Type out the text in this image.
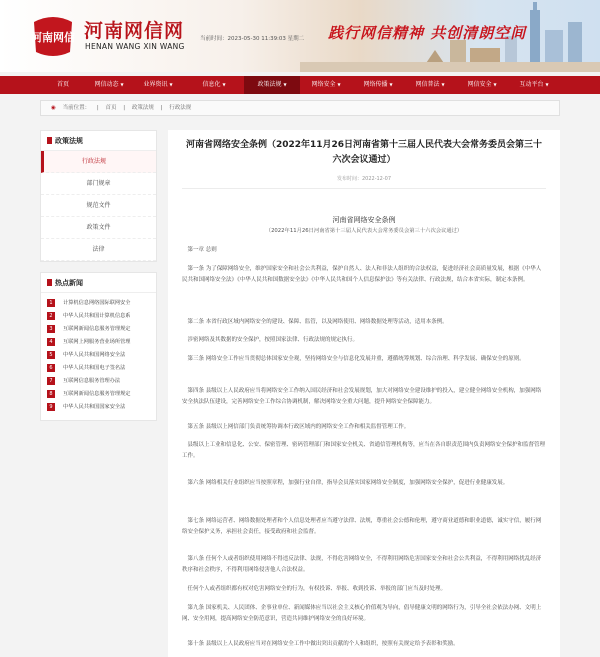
河南网信 河南网信网
HENAN WANG XIN WANG
当前时间：2023-05-30 11:39:03 星期二 践行网信精神 共创清朗空间
首页	网信动态 ▼	业界资讯 ▼	信息化 ▼	政策法规 ▼	网络安全 ▼	网络传播 ▼	网信普法 ▼	网信安全 ▼	互动平台 ▼
◉ 当前位置： | 首页 | 政策法规 | 行政法规
政策法规
行政法规
部门规章
规范文件
政策文件
法律
热点新闻
1 计算机信息网络国际联网安全
2 中华人民共和国计算机信息系
3 互联网新闻信息服务管理规定
4 互联网上网服务营业场所管理
5 中华人民共和国网络安全法
6 中华人民共和国电子签名法
7 互联网信息服务管理办法
8 互联网新闻信息服务管理规定
9 中华人民共和国国家安全法
河南省网络安全条例（2022年11月26日河南省第十三届人民代表大会常务委员会第三十六次会议通过）
发布时间：2022-12-07
河南省网络安全条例
（2022年11月26日河南省第十三届人民代表大会常务委员会第三十六次会议通过）
第一章 总则
第一条 为了保障网络安全，维护国家安全和社会公共利益，保护自然人、法人和非法人组织的合法权益，促进经济社会高质量发展，根据《中华人民共和国网络安全法》《中华人民共和国数据安全法》《中华人民共和国个人信息保护法》等有关法律、行政法规，结合本省实际，制定本条例。
第二条 本省行政区域内网络安全的建设、保障、监管，以及网络使用、网络数据处理等活动，适用本条例。
涉密网络及其数据的安全保护，按照国家法律、行政法规的规定执行。
第三条 网络安全工作应当贯彻总体国家安全观，坚持网络安全与信息化发展并重，遵循统筹规划、综合治理、科学发展、确保安全的原则。
第四条 县级以上人民政府应当将网络安全工作纳入国民经济和社会发展规划，加大对网络安全建设维护的投入，建立健全网络安全机构，加强网络安全执法队伍建设，完善网络安全工作综合协调机制，解决网络安全重大问题，提升网络安全保障能力。
第五条 县级以上网信部门负责统筹协调本行政区域内的网络安全工作和相关监督管理工作。
县级以上工业和信息化、公安、保密管理、密码管理部门和国家安全机关、省通信管理机构等，应当在各自职责范围内负责网络安全保护和监督管理工作。
第六条 网络相关行业组织应当按照章程，加强行业自律，指导会员落实国家网络安全制度，加强网络安全保护，促进行业健康发展。
第七条 网络运营者、网络数据处理者和个人信息处理者应当遵守法律、法规，尊重社会公德和伦理，遵守商业道德和职业道德，诚实守信，履行网络安全保护义务，承担社会责任，接受政府和社会监督。
第八条 任何个人或者组织使用网络不得违反法律、法规，不得危害网络安全，不得利用网络危害国家安全和社会公共利益，不得利用网络扰乱经济秩序和社会秩序，不得利用网络侵害他人合法权益。
任何个人或者组织都有权对危害网络安全的行为，有权投诉、举报、收到投诉、举报的部门应当及时处理。
第九条 国家机关、人民团体、企事业单位、新闻媒体应当以社会主义核心价值观为导向，倡导健康文明的网络行为，引导全社会依法办网、文明上网、安全用网，提高网络安全防范意识，营造共同维护网络安全的良好环境。
第十条 县级以上人民政府应当对在网络安全工作中做出突出贡献的个人和组织，按照有关规定给予表彰和奖励。
